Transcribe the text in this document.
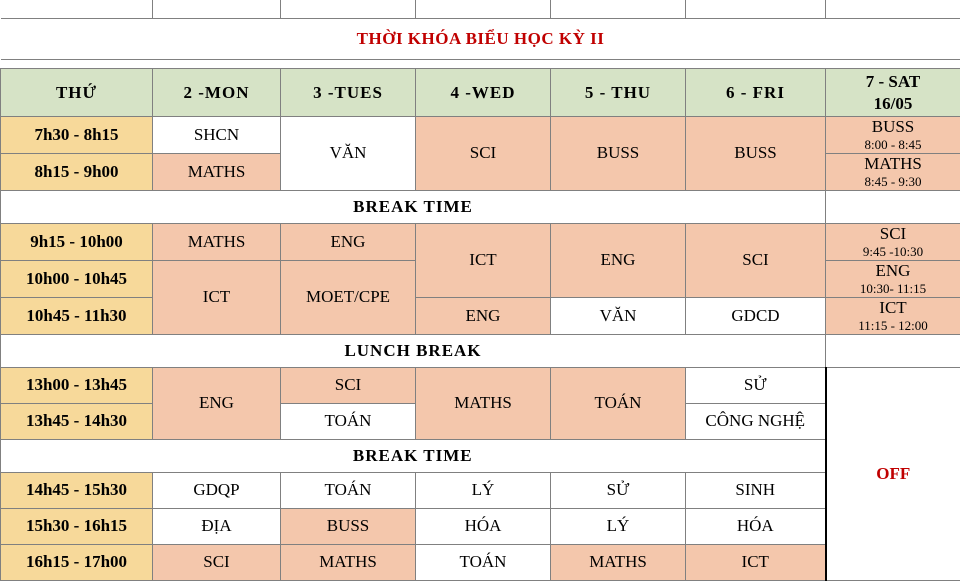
THỜI KHÓA BIỂU HỌC KỲ II						

THỨ	2 -MON	3 -TUES	4 -WED	5 - THU	6 - FRI	7 - SAT
16/05
7h30 - 8h15	SHCN	VĂN	SCI	BUSS	BUSS	BUSS
8:00 - 8:45

8h15 - 9h00	MATHS					MATHS
8:45 - 9:30

BREAK TIME						
9h15 - 10h00	MATHS	ENG	ICT	ENG	SCI	SCI
9:45 -10:30

10h00 - 10h45	ICT	MOET/CPE				ENG
10:30- 11:15

10h45 - 11h30			ENG	VĂN	GDCD	ICT
11:15 - 12:00

LUNCH BREAK						
13h00 - 13h45	ENG	SCI	MATHS	TOÁN	SỬ	OFF
13h45 - 14h30		TOÁN			CÔNG NGHỆ	
BREAK TIME						
14h45 - 15h30	GDQP	TOÁN	LÝ	SỬ	SINH	
15h30 - 16h15	ĐỊA	BUSS	HÓA	LÝ	HÓA	
16h15 - 17h00	SCI	MATHS	TOÁN	MATHS	ICT	
